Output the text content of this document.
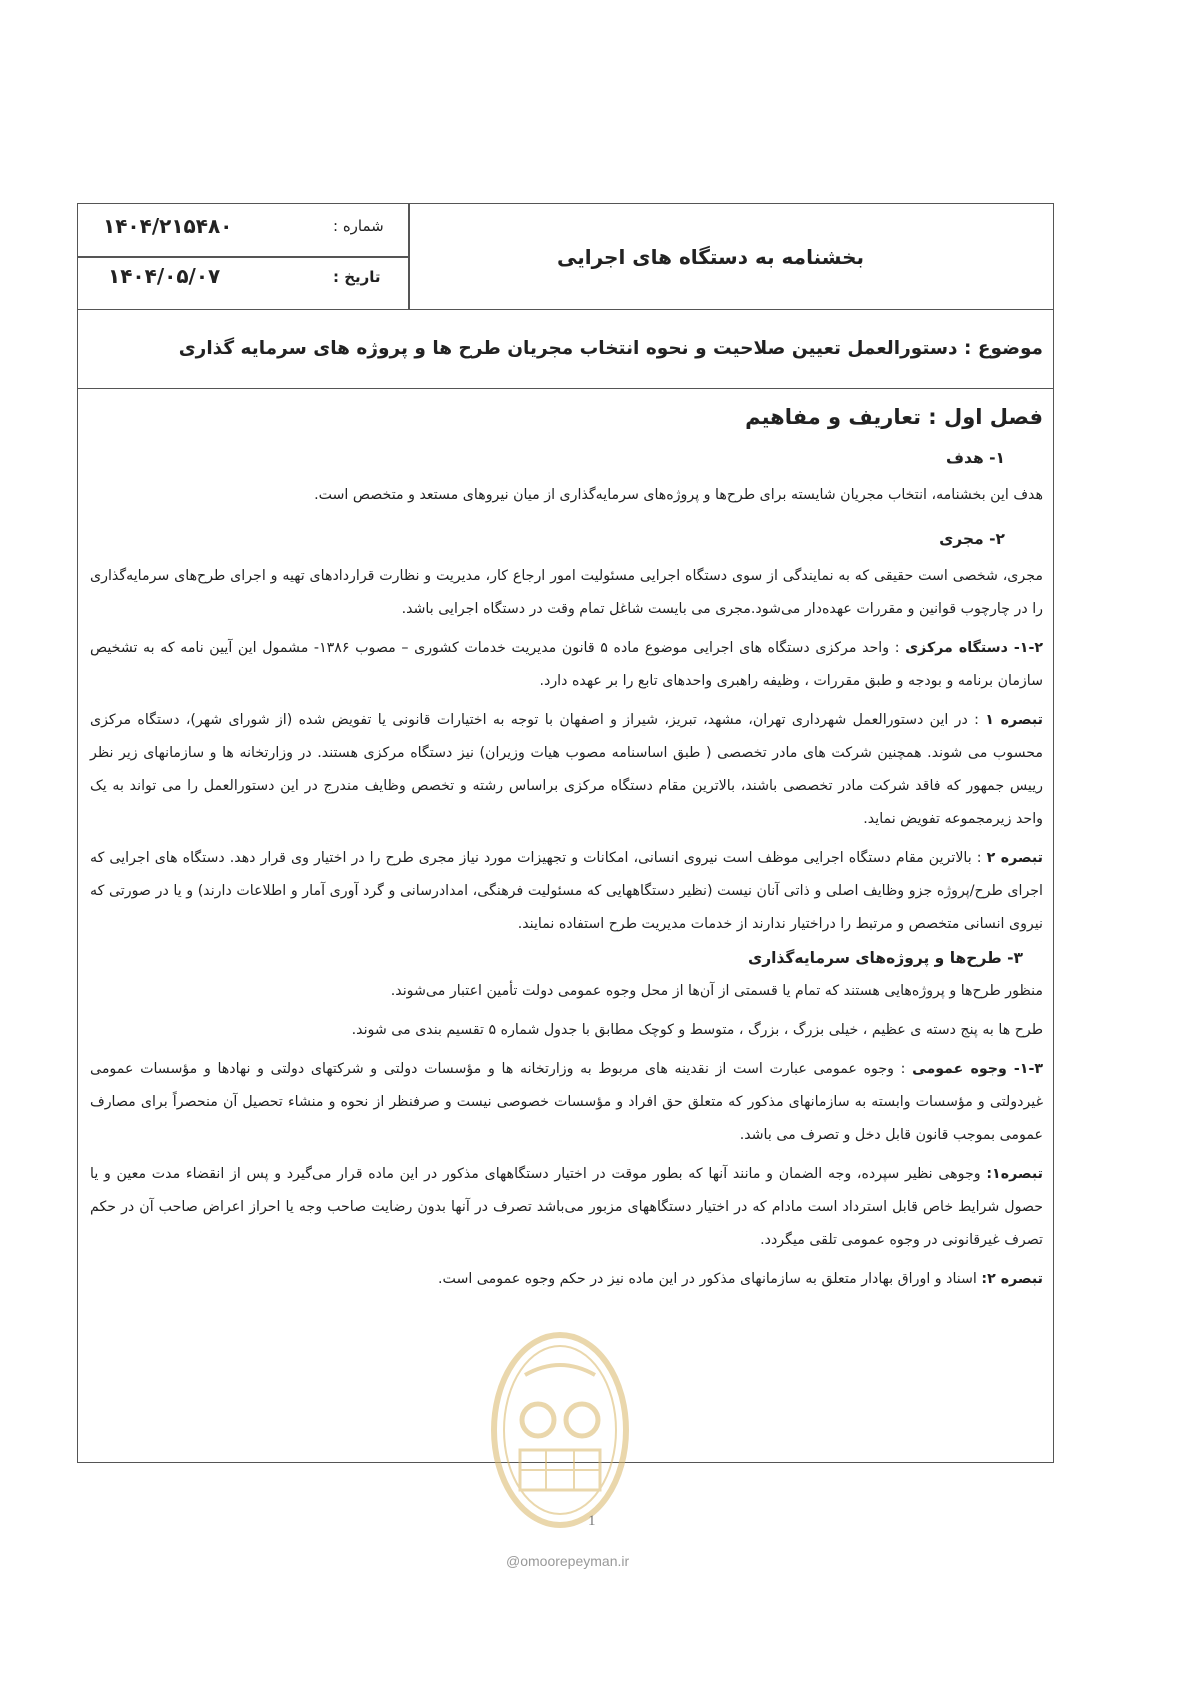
بخشنامه به دستگاه های اجرایی
شماره :
۱۴۰۴/۲۱۵۴۸۰
تاریخ :
۱۴۰۴/۰۵/۰۷
موضوع : دستورالعمل تعیین صلاحیت و نحوه انتخاب مجریان طرح ها و پروژه های سرمایه گذاری
فصل اول : تعاریف و مفاهیم
۱- هدف

هدف این بخشنامه، انتخاب مجریان شایسته برای طرح‌ها و پروژه‌های سرمایه‌گذاری از میان نیروهای مستعد و متخصص است.

۲- مجری

مجری، شخصی است حقیقی که به نمایندگی از سوی دستگاه اجرایی مسئولیت امور ارجاع کار، مدیریت و نظارت قراردادهای تهیه و اجرای طرح‌های سرمایه‌گذاری را در چارچوب قوانین و مقررات عهده‌دار می‌شود.مجری می بایست شاغل تمام وقت در دستگاه اجرایی باشد.

۱-۲- دستگاه مرکزی : واحد مرکزی دستگاه های اجرایی موضوع ماده ۵ قانون مدیریت خدمات کشوری – مصوب ۱۳۸۶- مشمول این آیین نامه که به تشخیص سازمان برنامه و بودجه و طبق مقررات ، وظیفه راهبری واحدهای تابع را بر عهده دارد.

تبصره ۱ : در این دستورالعمل شهرداری تهران، مشهد، تبریز، شیراز و اصفهان با توجه به اختیارات قانونی یا تفویض شده (از شورای شهر)، دستگاه مرکزی محسوب می شوند. همچنین شرکت های مادر تخصصی ( طبق اساسنامه مصوب هیات وزیران) نیز دستگاه مرکزی هستند. در وزارتخانه ها و سازمانهای زیر نظر رییس جمهور که فاقد شرکت مادر تخصصی باشند، بالاترین مقام دستگاه مرکزی براساس رشته و تخصص وظایف مندرج در این دستورالعمل را می تواند به یک واحد زیرمجموعه تفویض نماید.

تبصره ۲ : بالاترین مقام دستگاه اجرایی موظف است نیروی انسانی، امکانات و تجهیزات مورد نیاز مجری طرح را در اختیار وی قرار دهد. دستگاه های اجرایی که اجرای طرح/پروژه جزو وظایف اصلی و ذاتی آنان نیست (نظیر دستگاههایی که مسئولیت فرهنگی، امدادرسانی و گرد آوری آمار و اطلاعات دارند) و یا در صورتی که نیروی انسانی متخصص و مرتبط را دراختیار ندارند از خدمات مدیریت طرح استفاده نمایند.

۳- طرح‌ها و پروژه‌های سرمایه‌گذاری

منظور طرح‌ها و پروژه‌هایی هستند که تمام یا قسمتی از آن‌ها از محل وجوه عمومی دولت تأمین اعتبار می‌شوند.

طرح ها به پنج دسته ی عظیم ، خیلی بزرگ ، بزرگ ، متوسط و کوچک مطابق با جدول شماره ۵ تقسیم بندی می شوند.

۱-۳- وجوه عمومی : وجوه عمومی عبارت است از نقدینه های مربوط به وزارتخانه ها و مؤسسات دولتی و شرکتهای دولتی و نهادها و مؤسسات عمومی غیردولتی و مؤسسات وابسته به سازمانهای مذکور که متعلق حق افراد و مؤسسات خصوصی نیست و صرفنظر از نحوه و منشاء تحصیل آن منحصراً برای مصارف عمومی بموجب قانون قابل دخل و تصرف می باشد.

تبصره۱: وجوهی نظیر سپرده، وجه الضمان و مانند آنها که بطور موقت در اختیار دستگاههای مذکور در این ماده قرار می‌گیرد و پس از انقضاء مدت معین و یا حصول شرایط خاص قابل استرداد است مادام که در اختیار دستگاههای مزبور می‌باشد تصرف در آنها بدون رضایت صاحب وجه یا احراز اعراض صاحب آن در حکم تصرف غیرقانونی در وجوه عمومی تلقی میگردد.

تبصره ۲: اسناد و اوراق بهادار متعلق به سازمانهای مذکور در این ماده نیز در حکم وجوه عمومی است.

1
@omoorepeyman.ir
